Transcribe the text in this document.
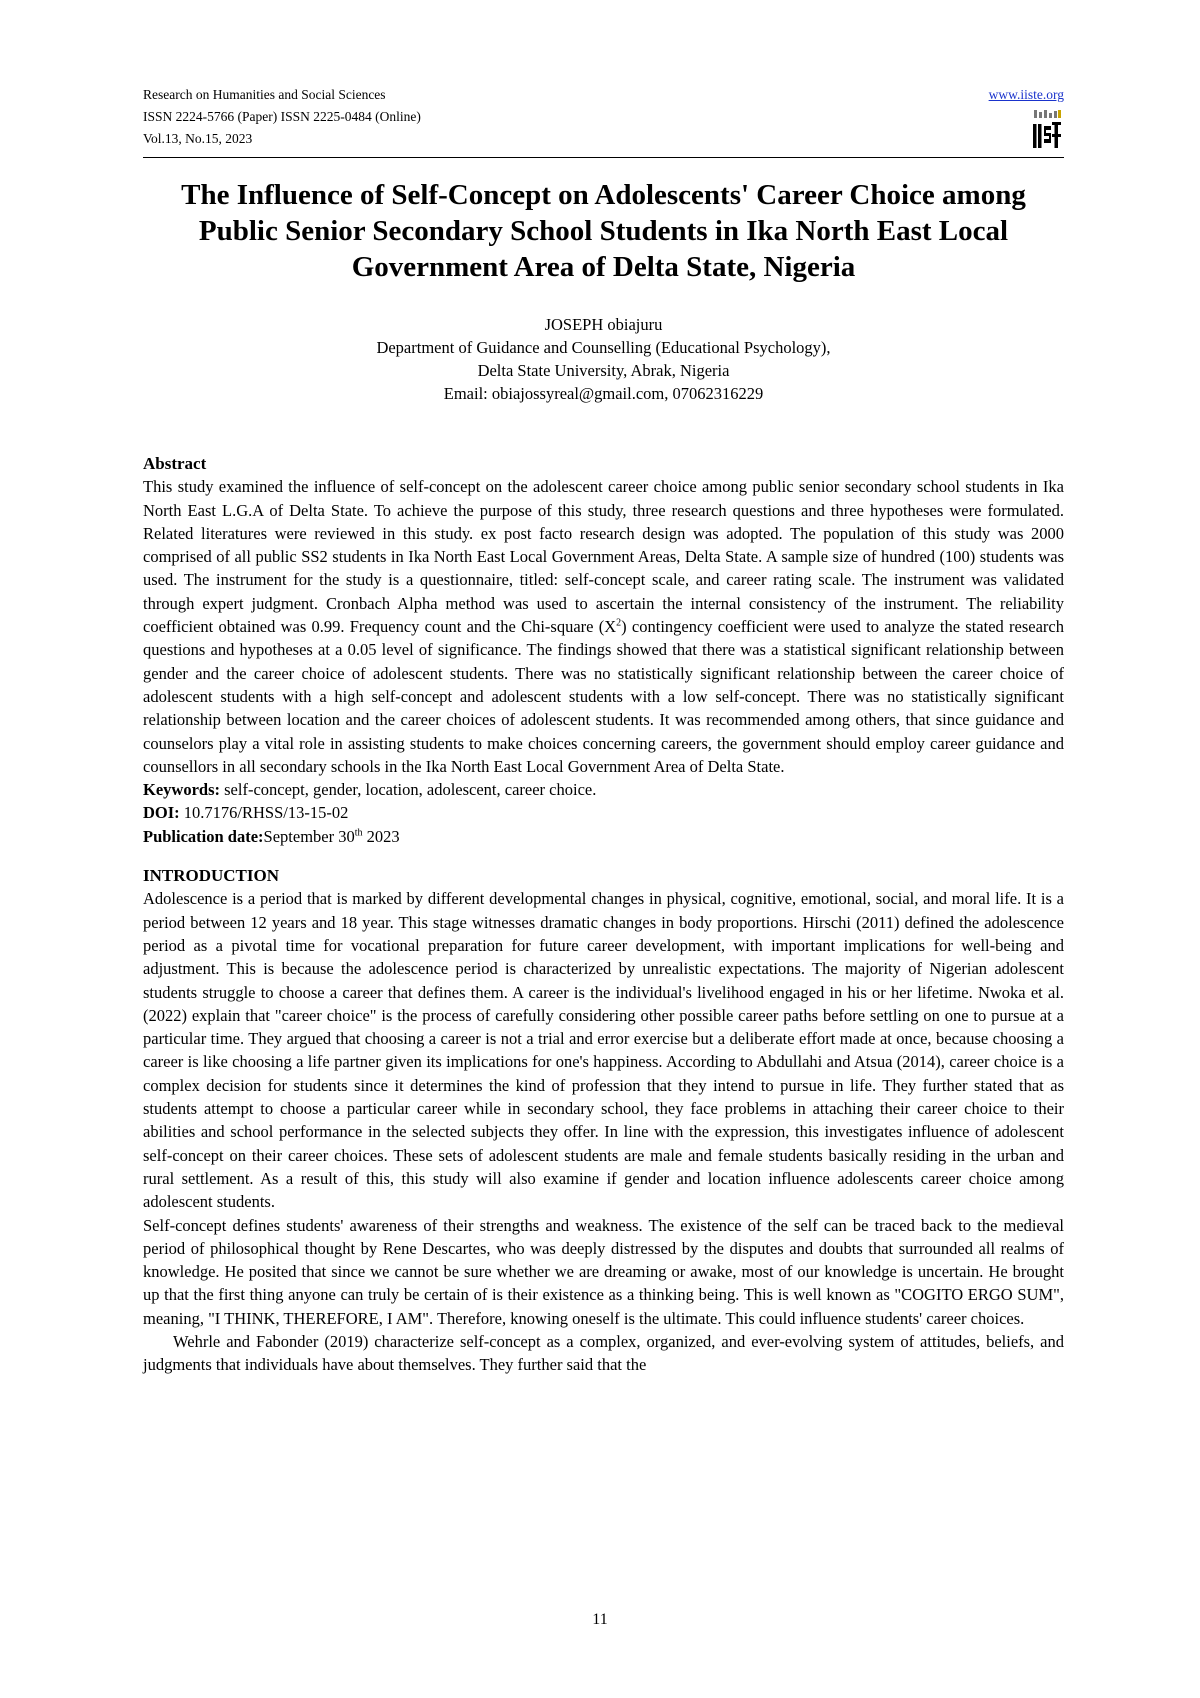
Research on Humanities and Social Sciences
ISSN 2224-5766 (Paper) ISSN 2225-0484 (Online)
Vol.13, No.15, 2023
www.iiste.org
The Influence of Self-Concept on Adolescents' Career Choice among Public Senior Secondary School Students in Ika North East Local Government Area of Delta State, Nigeria
JOSEPH obiajuru
Department of Guidance and Counselling (Educational Psychology),
Delta State University, Abrak, Nigeria
Email: obiajossyreal@gmail.com, 07062316229
Abstract

This study examined the influence of self-concept on the adolescent career choice among public senior secondary school students in Ika North East L.G.A of Delta State. To achieve the purpose of this study, three research questions and three hypotheses were formulated. Related literatures were reviewed in this study. ex post facto research design was adopted. The population of this study was 2000 comprised of all public SS2 students in Ika North East Local Government Areas, Delta State. A sample size of hundred (100) students was used. The instrument for the study is a questionnaire, titled: self-concept scale, and career rating scale. The instrument was validated through expert judgment. Cronbach Alpha method was used to ascertain the internal consistency of the instrument. The reliability coefficient obtained was 0.99. Frequency count and the Chi-square $(X^2)$ contingency coefficient were used to analyze the stated research questions and hypotheses at a 0.05 level of significance. The findings showed that there was a statistical significant relationship between gender and the career choice of adolescent students. There was no statistically significant relationship between the career choice of adolescent students with a high self-concept and adolescent students with a low self-concept. There was no statistically significant relationship between location and the career choices of adolescent students. It was recommended among others, that since guidance and counselors play a vital role in assisting students to make choices concerning careers, the government should employ career guidance and counsellors in all secondary schools in the Ika North East Local Government Area of Delta State.

Keywords: self-concept, gender, location, adolescent, career choice.
DOI: 10.7176/RHSS/13-15-02
Publication date:September 30th 2023
INTRODUCTION

Adolescence is a period that is marked by different developmental changes in physical, cognitive, emotional, social, and moral life. It is a period between 12 years and 18 year. This stage witnesses dramatic changes in body proportions. Hirschi (2011) defined the adolescence period as a pivotal time for vocational preparation for future career development, with important implications for well-being and adjustment. This is because the adolescence period is characterized by unrealistic expectations. The majority of Nigerian adolescent students struggle to choose a career that defines them. A career is the individual's livelihood engaged in his or her lifetime. Nwoka et al. (2022) explain that "career choice" is the process of carefully considering other possible career paths before settling on one to pursue at a particular time. They argued that choosing a career is not a trial and error exercise but a deliberate effort made at once, because choosing a career is like choosing a life partner given its implications for one's happiness. According to Abdullahi and Atsua (2014), career choice is a complex decision for students since it determines the kind of profession that they intend to pursue in life. They further stated that as students attempt to choose a particular career while in secondary school, they face problems in attaching their career choice to their abilities and school performance in the selected subjects they offer. In line with the expression, this investigates influence of adolescent self-concept on their career choices. These sets of adolescent students are male and female students basically residing in the urban and rural settlement. As a result of this, this study will also examine if gender and location influence adolescents career choice among adolescent students.

Self-concept defines students' awareness of their strengths and weakness. The existence of the self can be traced back to the medieval period of philosophical thought by Rene Descartes, who was deeply distressed by the disputes and doubts that surrounded all realms of knowledge. He posited that since we cannot be sure whether we are dreaming or awake, most of our knowledge is uncertain. He brought up that the first thing anyone can truly be certain of is their existence as a thinking being. This is well known as "COGITO ERGO SUM", meaning, "I THINK, THEREFORE, I AM". Therefore, knowing oneself is the ultimate. This could influence students' career choices.

Wehrle and Fabonder (2019) characterize self-concept as a complex, organized, and ever-evolving system of attitudes, beliefs, and judgments that individuals have about themselves. They further said that the

11
